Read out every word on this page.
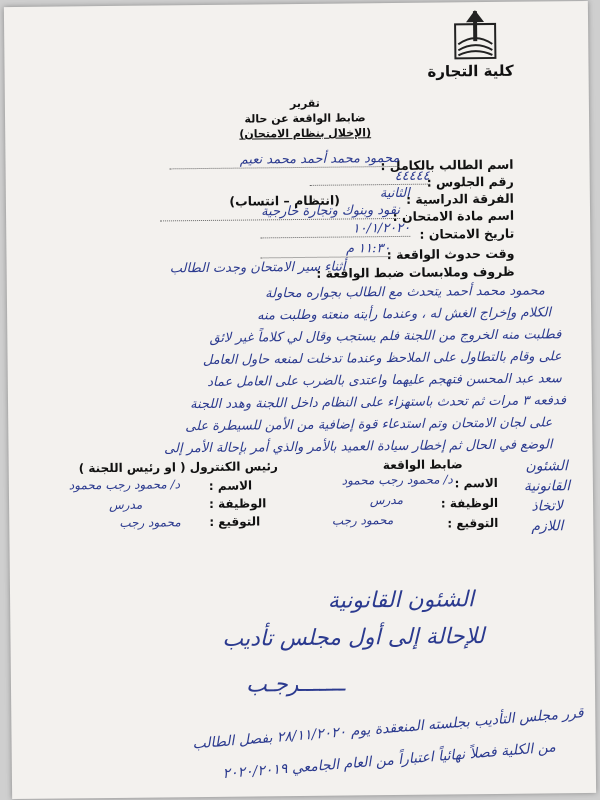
كلية التجارة
تقرير
ضابط الواقعة عن حالة
(الإخلال بنظام الامتحان)
اسم الطالب بالكامل :
محمود محمد أحمد محمد نعيم
رقم الجلوس :
٤٤٤٤٤
الفرقة الدراسية :
الثانية
(انتظام – انتساب)
اسم مادة الامتحان :
نقود وبنوك وتجارة خارجية
تاريخ الامتحان :
١٠/١/٢٠٢٠
وقت حدوث الواقعة :
١١:٣٠ م
ظروف وملابسات ضبط الواقعة :
أثناء سير الامتحان وجدت الطالب
محمود محمد أحمد يتحدث مع الطالب بجواره محاولة
الكلام وإخراج الغش له ، وعندما رأيته منعته وطلبت منه
فطلبت منه الخروج من اللجنة فلم يستجب وقال لي كلاماً غير لائق
على وقام بالتطاول على الملاحظ وعندما تدخلت لمنعه حاول العامل
سعد عبد المحسن فتهجم عليهما واعتدى بالضرب على العامل عماد
فدفعه ٣ مرات ثم تحدث باستهزاء على النظام داخل اللجنة وهدد اللجنة
على لجان الامتحان وتم استدعاء قوة إضافية من الأمن للسيطرة على
الوضع في الحال ثم إخطار سيادة العميد بالأمر والذي أمر بإحالة الأمر إلى
الشئون
القانونية
لاتخاذ
اللازم
ضابط الواقعة
الاسم :
د/ محمود رجب محمود
الوظيفة :
مدرس
التوقيع :
محمود رجب
رئيس الكنترول ( او رئيس اللجنة )
الاسم :
د/ محمود رجب محمود
الوظيفة :
مدرس
التوقيع :
محمود رجب
الشئون القانونية
للإحالة إلى أول مجلس تأديب
ـــــــرجـب
قرر مجلس التأديب بجلسته المنعقدة يوم ٢٨/١١/٢٠٢٠ بفصل الطالب
من الكلية فصلاً نهائياً اعتباراً من العام الجامعي ٢٠٢٠/٢٠١٩
